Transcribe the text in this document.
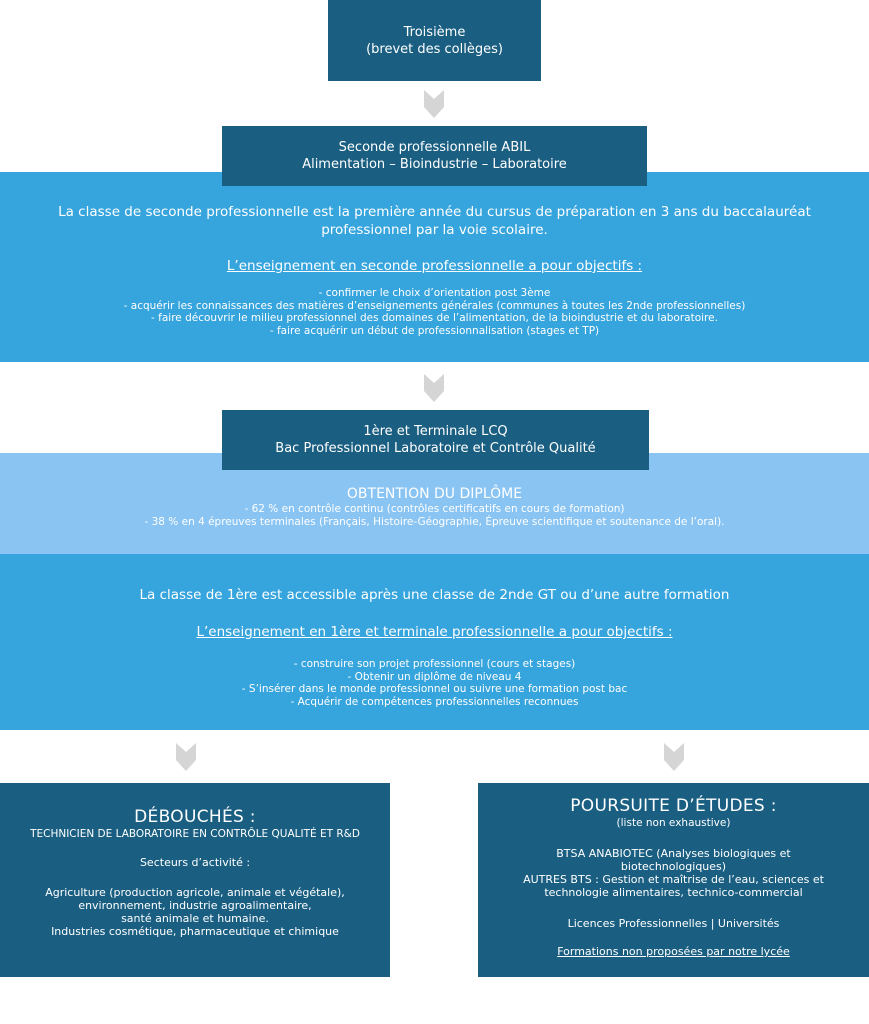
Troisième
(brevet des collèges)
La classe de seconde professionnelle est la première année du cursus de préparation en 3 ans du baccalauréat professionnel par la voie scolaire.
L’enseignement en seconde professionnelle a pour objectifs :
- confirmer le choix d’orientation post 3ème
- acquérir les connaissances des matières d’enseignements générales (communes à toutes les 2nde professionnelles)
- faire découvrir le milieu professionnel des domaines de l’alimentation, de la bioindustrie et du laboratoire.
- faire acquérir un début de professionnalisation (stages et TP)
Seconde professionnelle ABIL
Alimentation – Bioindustrie – Laboratoire
OBTENTION DU DIPLÔME
- 62 % en contrôle continu (contrôles certificatifs en cours de formation)
- 38 % en 4 épreuves terminales (Français, Histoire-Géographie, Épreuve scientifique et soutenance de l’oral).
La classe de 1ère est accessible après une classe de 2nde GT ou d’une autre formation
L’enseignement en 1ère et terminale professionnelle a pour objectifs :
- construire son projet professionnel (cours et stages)
- Obtenir un diplôme de niveau 4
- S’insérer dans le monde professionnel ou suivre une formation post bac
- Acquérir de compétences professionnelles reconnues
1ère et Terminale LCQ
Bac Professionnel Laboratoire et Contrôle Qualité
DÉBOUCHÉS :
TECHNICIEN DE LABORATOIRE EN CONTRÔLE QUALITÉ ET R&D
Secteurs d’activité :
Agriculture (production agricole, animale et végétale),
environnement, industrie agroalimentaire,
santé animale et humaine.
Industries cosmétique, pharmaceutique et chimique
POURSUITE D’ÉTUDES :
(liste non exhaustive)
BTSA ANABIOTEC (Analyses biologiques et
biotechnologiques)
AUTRES BTS : Gestion et maîtrise de l’eau, sciences et
technologie alimentaires, technico-commercial
Licences Professionnelles | Universités
Formations non proposées par notre lycée
